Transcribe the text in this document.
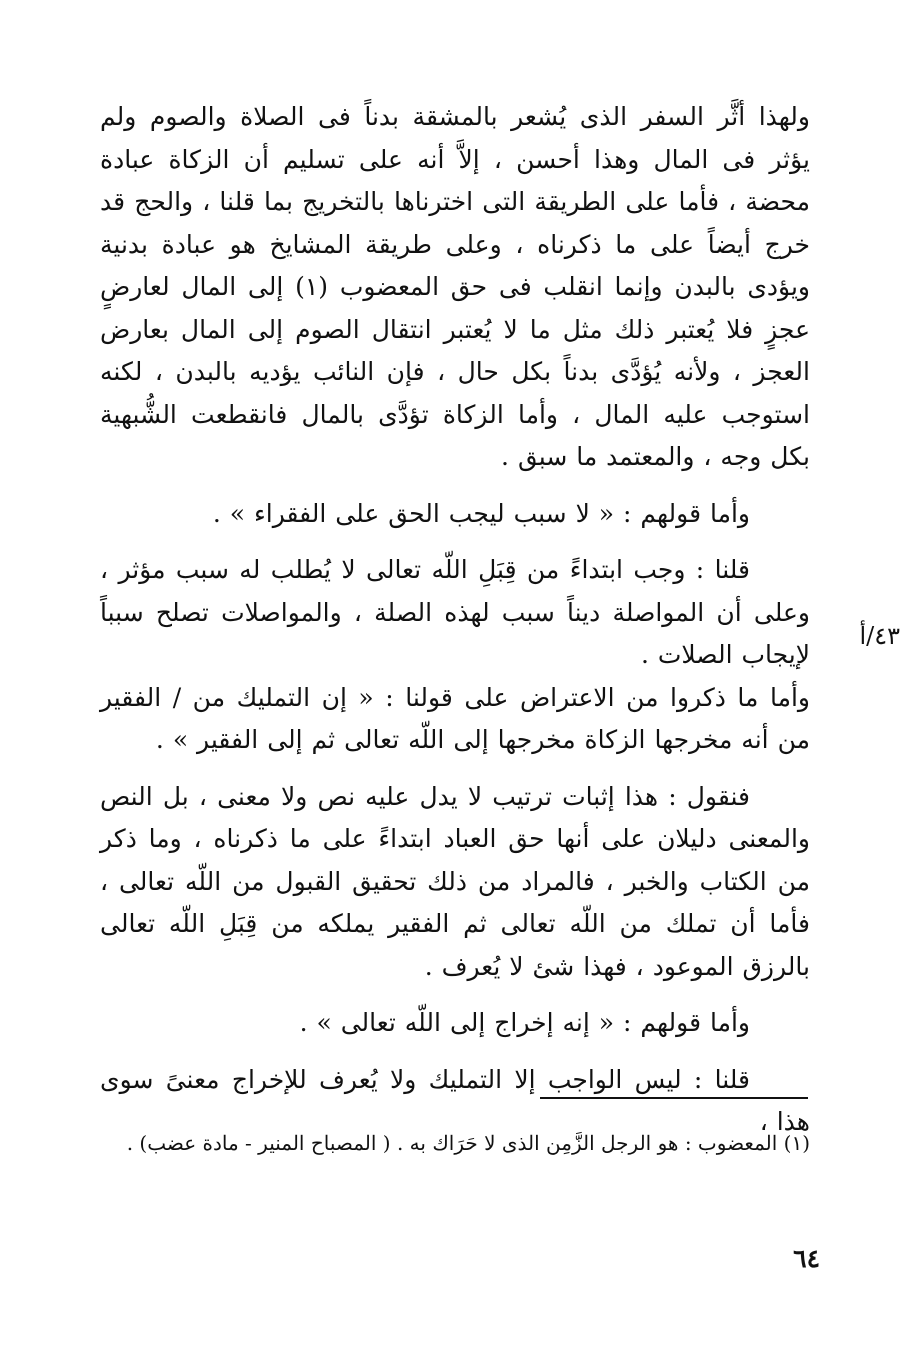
ولهذا أثَّر السفر الذى يُشعر بالمشقة بدناً فى الصلاة والصوم ولم يؤثر فى المال وهذا أحسن ، إلاَّ أنه على تسليم أن الزكاة عبادة محضة ، فأما على الطريقة التى اخترناها بالتخريج بما قلنا ، والحج قد خرج أيضاً على ما ذكرناه ، وعلى طريقة المشايخ هو عبادة بدنية ويؤدى بالبدن وإنما انقلب فى حق المعضوب (١) إلى المال لعارضٍ عجزٍ فلا يُعتبر ذلك مثل ما لا يُعتبر انتقال الصوم إلى المال بعارض العجز ، ولأنه يُؤدَّى بدناً بكل حال ، فإن النائب يؤديه بالبدن ، لكنه استوجب عليه المال ، وأما الزكاة تؤدَّى بالمال فانقطعت الشُّبهية بكل وجه ، والمعتمد ما سبق .

وأما قولهم : « لا سبب ليجب الحق على الفقراء » .

قلنا : وجب ابتداءً من قِبَلِ اللّه تعالى لا يُطلب له سبب مؤثر ، وعلى أن المواصلة ديناً سبب لهذه الصلة ، والمواصلات تصلح سبباً لإيجاب الصلات .

وأما ما ذكروا من الاعتراض على قولنا : « إن التمليك من / الفقير من أنه مخرجها الزكاة مخرجها إلى اللّه تعالى ثم إلى الفقير » .

فنقول : هذا إثبات ترتيب لا يدل عليه نص ولا معنى ، بل النص والمعنى دليلان على أنها حق العباد ابتداءً على ما ذكرناه ، وما ذكر من الكتاب والخبر ، فالمراد من ذلك تحقيق القبول من اللّه تعالى ، فأما أن تملك من اللّه تعالى ثم الفقير يملكه من قِبَلِ اللّه تعالى بالرزق الموعود ، فهذا شئ لا يُعرف .

وأما قولهم : « إنه إخراج إلى اللّه تعالى » .

قلنا : ليس الواجب إلا التمليك ولا يُعرف للإخراج معنىً سوى هذا ،

٤٣/أ
(١) المعضوب : هو الرجل الزَّمِن الذى لا حَرَاك به . ( المصباح المنير - مادة عضب) .
٦٤
